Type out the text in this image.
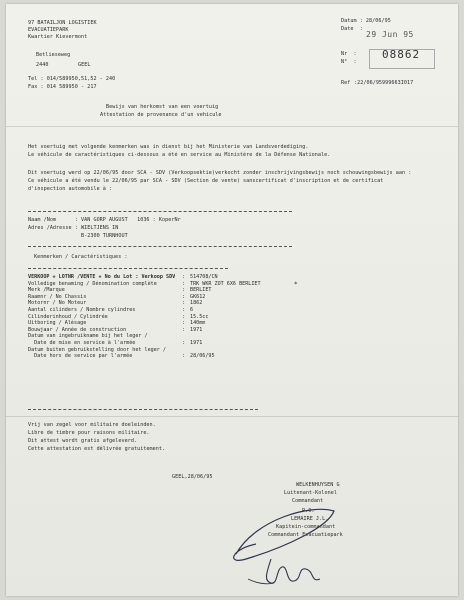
97 BATAILJON LOGISTIEK
EVACUATIEPARK
Kwartier Kievermont
Betlieseweg
2440	GEEL
Tel : 014/589950,51,52 - 240
Fax : 014 589950 - 217
Datum : 28/06/95
Date  :
29 Jun 95
Nr  :
N°  :
08862
Ref :22/06/95999663I017
Bewijs van herkomst van een voertuig
Attestation de provenance d'un vehicule
Het voertuig met volgende kenmerken was in dienst bij het Ministerie van Landsverdediging.
Le véhicule de caractéristiques ci-dessous a été en service au Ministère de la Défense Nationale.
Dit voertuig werd op 22/06/95 door SCA - SDV (Verkoopsektie)verkocht zonder inschrijvingsbewijs noch schouwingsbewijs aan :
Ce véhicule a été vendu le 22/06/95 par SCA - SDV (Section de vente) sanscertificat d'inscription et de certificat
d'inspection automobile à :
Naam /Nom      : VAN GORP AUGUST   1036 : KoperNr
Adres /Adresse : WIELTJENS IN
B-2300 TURNHOUT
Kenmerken / Caractéristiques :
VERKOOP + LOTNR /VENTE + No du Lot : Verkoop SDV	: 514708/CN
Volledige benaming / Dénomination complète	: TRK WKR ZOT 6X6 BERLIET
Merk /Marque	: BERLIET
Raamnr / No Chassis	: GK612
Motornr / No Moteur	: 1862
Aantal cilinders / Nombre cylindres	: 6
Cilinderinhoud / Cylindrée	: 15.5cc
Uitboring / Alésage	: 140mm
Bouwjaar / Année de construction	: 1971
Datum van ingebruikname bij het leger /
Date de mise en service à l'armée	: 1971
Datum buiten gebruikstelling door het leger /
Date hors de service par l'armée	: 28/06/95
*
Vrij van zegel voor militaire doeleinden.
Libre de timbre pour raisons militaire.
Dit attest wordt gratis afgeleverd.
Cette attestation est délivrée gratuitement.
GEEL,28/06/95
WELKENHUYSEN G
Luitenant-Kolonel
Commandant
P.O.
LEMAIRE J.L.
Kapitein-commandant
Commandant Evacuatiepark
